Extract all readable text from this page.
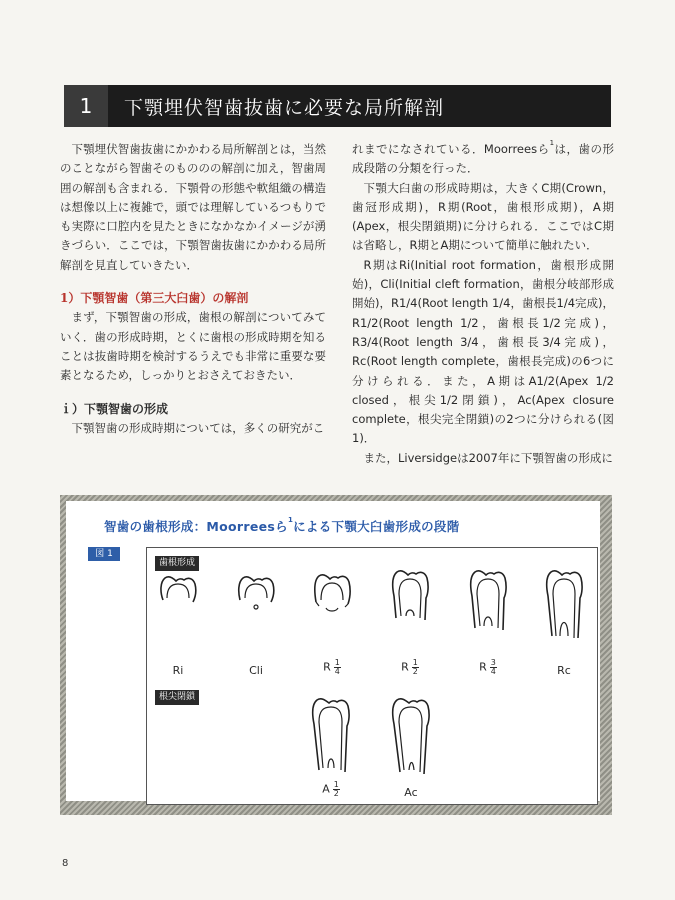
1	下顎埋伏智歯抜歯に必要な局所解剖

下顎埋伏智歯抜歯にかかわる局所解剖とは，当然のことながら智歯そのもののの解剖に加え，智歯周囲の解剖も含まれる．下顎骨の形態や軟組織の構造は想像以上に複雑で，頭では理解しているつもりでも実際に口腔内を見たときになかなかイメージが湧きづらい．ここでは，下顎智歯抜歯にかかわる局所解剖を見直していきたい．

1）下顎智歯（第三大臼歯）の解剖

まず，下顎智歯の形成，歯根の解剖についてみていく．歯の形成時期，とくに歯根の形成時期を知ることは抜歯時期を検討するうえでも非常に重要な要素となるため，しっかりとおさえておきたい．

ｉ）下顎智歯の形成

下顎智歯の形成時期については，多くの研究がこ

れまでになされている．Moorreesら$^1$は，歯の形成段階の分類を行った．

下顎大臼歯の形成時期は，大きくC期(Crown，歯冠形成期)，R期(Root，歯根形成期)，A期(Apex，根尖閉鎖期)に分けられる．ここではC期は省略し，R期とA期について簡単に触れたい．

R期はRi(Initial root formation，歯根形成開始)，Cli(Initial cleft formation，歯根分岐部形成開始)，R1/4(Root length 1/4，歯根長1/4完成)，R1/2(Root length 1/2，歯根長1/2完成)，R3/4(Root length 3/4，歯根長3/4完成)，Rc(Root length complete，歯根長完成)の6つに分けられる．また，A期はA1/2(Apex 1/2 closed，根尖1/2閉鎖)，Ac(Apex closure complete，根尖完全閉鎖)の2つに分けられる(図1)．

また，Liversidgeは2007年に下顎智歯の形成に

智歯の歯根形成：Moorreesら$^1$による下顎大臼歯形成の段階
図 1
歯根形成
根尖閉鎖
Ri	Cli	R $\frac{1}{4}$	R $\frac{1}{2}$	R $\frac{3}{4}$	Rc
A $\frac{1}{2}$	Ac
8
